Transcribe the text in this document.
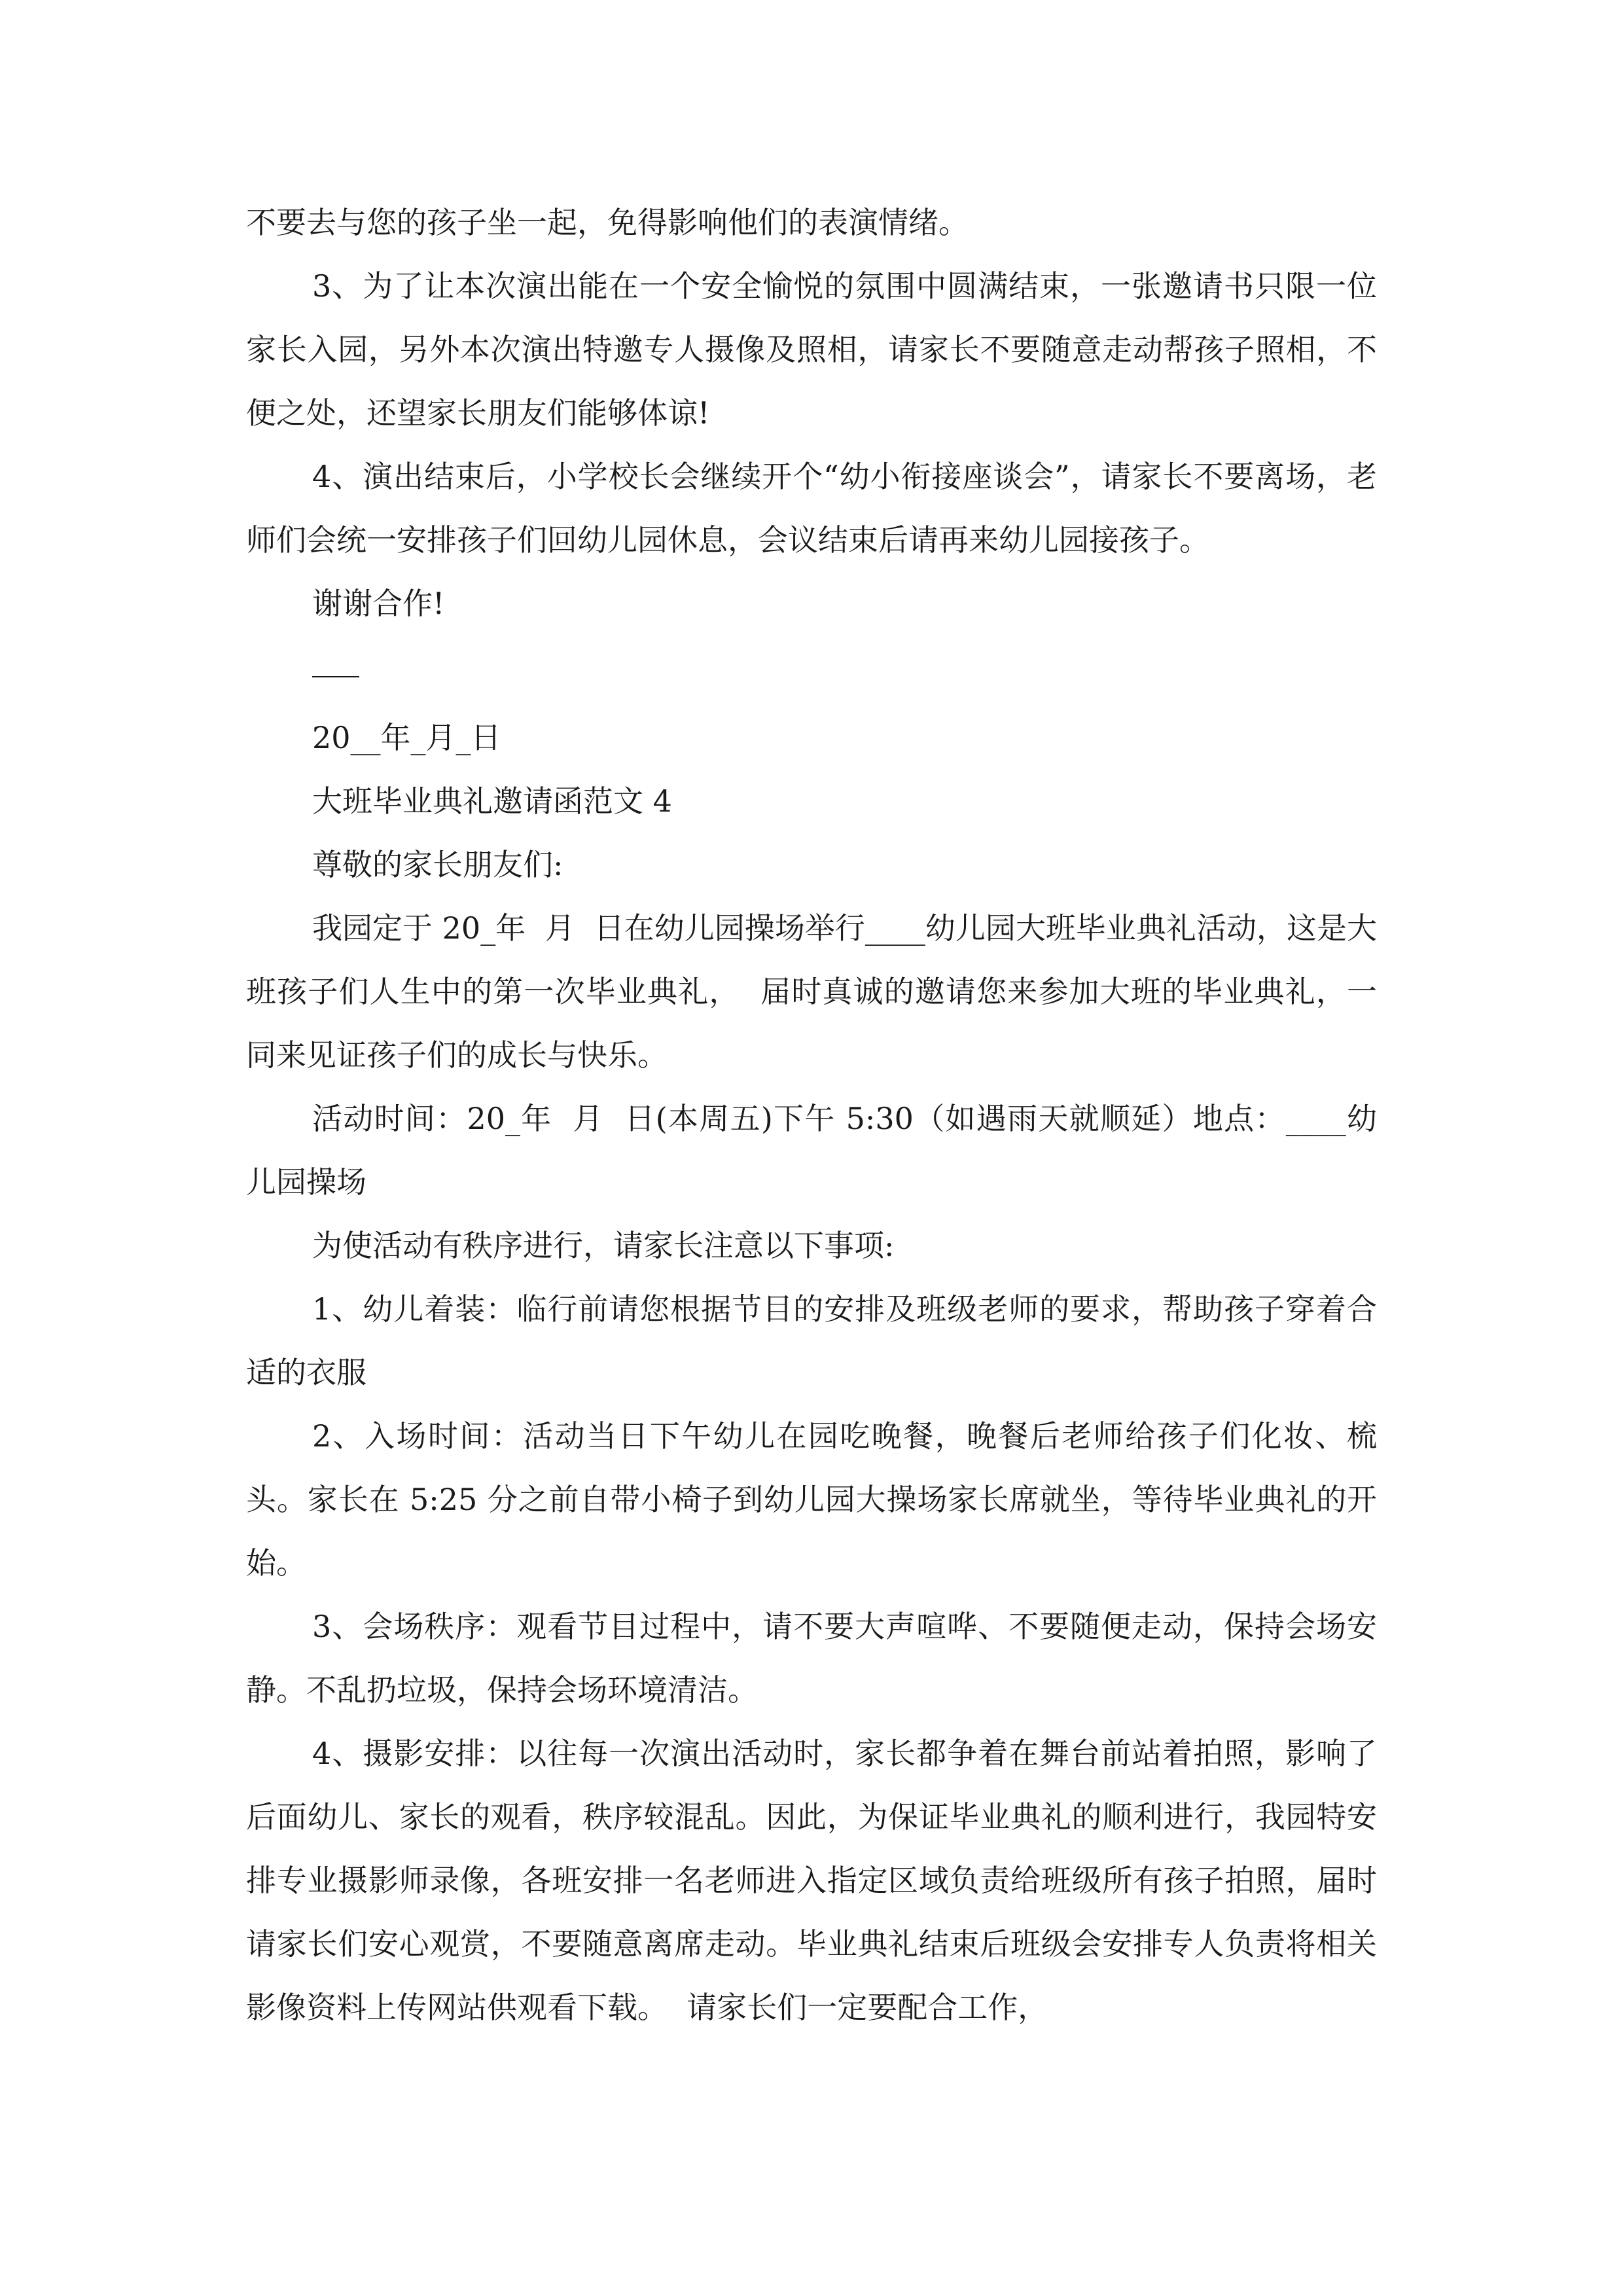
不要去与您的孩子坐一起，免得影响他们的表演情绪。

3、为了让本次演出能在一个安全愉悦的氛围中圆满结束，一张邀请书只限一位家长入园，另外本次演出特邀专人摄像及照相，请家长不要随意走动帮孩子照相，不便之处，还望家长朋友们能够体谅!

4、演出结束后，小学校长会继续开个“幼小衔接座谈会”，请家长不要离场，老师们会统一安排孩子们回幼儿园休息，会议结束后请再来幼儿园接孩子。

谢谢合作!

20__年_月_日

大班毕业典礼邀请函范文 4

尊敬的家长朋友们:

我园定于 20_年  月  日在幼儿园操场举行____幼儿园大班毕业典礼活动，这是大班孩子们人生中的第一次毕业典礼，  届时真诚的邀请您来参加大班的毕业典礼，一同来见证孩子们的成长与快乐。

活动时间：20_年  月  日(本周五)下午 5:30（如遇雨天就顺延）地点：____幼儿园操场

为使活动有秩序进行，请家长注意以下事项:

1、幼儿着装：临行前请您根据节目的安排及班级老师的要求，帮助孩子穿着合适的衣服

2、入场时间：活动当日下午幼儿在园吃晚餐，晚餐后老师给孩子们化妆、梳头。家长在 5:25 分之前自带小椅子到幼儿园大操场家长席就坐，等待毕业典礼的开始。

3、会场秩序：观看节目过程中，请不要大声喧哗、不要随便走动，保持会场安静。不乱扔垃圾，保持会场环境清洁。

4、摄影安排：以往每一次演出活动时，家长都争着在舞台前站着拍照，影响了后面幼儿、家长的观看，秩序较混乱。因此，为保证毕业典礼的顺利进行，我园特安排专业摄影师录像，各班安排一名老师进入指定区域负责给班级所有孩子拍照，届时请家长们安心观赏，不要随意离席走动。毕业典礼结束后班级会安排专人负责将相关影像资料上传网站供观看下载。  请家长们一定要配合工作，
